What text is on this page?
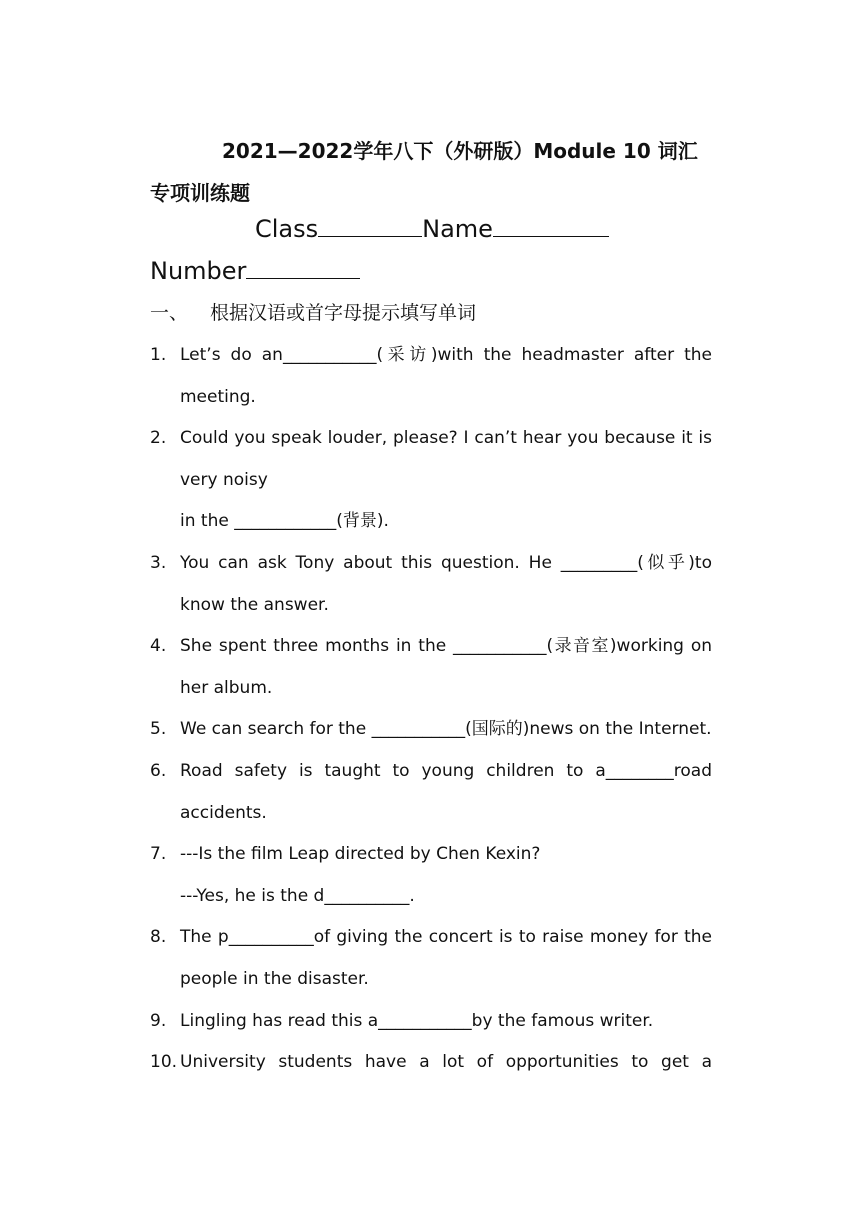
2021—2022学年八下（外研版）Module 10 词汇专项训练题
Class	Name Number
一、 根据汉语或首字母提示填写单词
1. Let’s do an___________(采访)with the headmaster after the
meeting.
2. Could you speak louder, please? I can’t hear you because it is
very noisy
in the ____________(背景).
3. You can ask Tony about this question. He _________(似乎)to
know the answer.
4. She spent three months in the ___________(录音室)working on
her album.
5. We can search for the ___________(国际的)news on the Internet.
6. Road safety is taught to young children to a________road
accidents.
7. ---Is the film Leap directed by Chen Kexin?
---Yes, he is the d__________.
8. The p__________of giving the concert is to raise money for the
people in the disaster.
9. Lingling has read this a___________by the famous writer.
10. University students have a lot of opportunities to get a
